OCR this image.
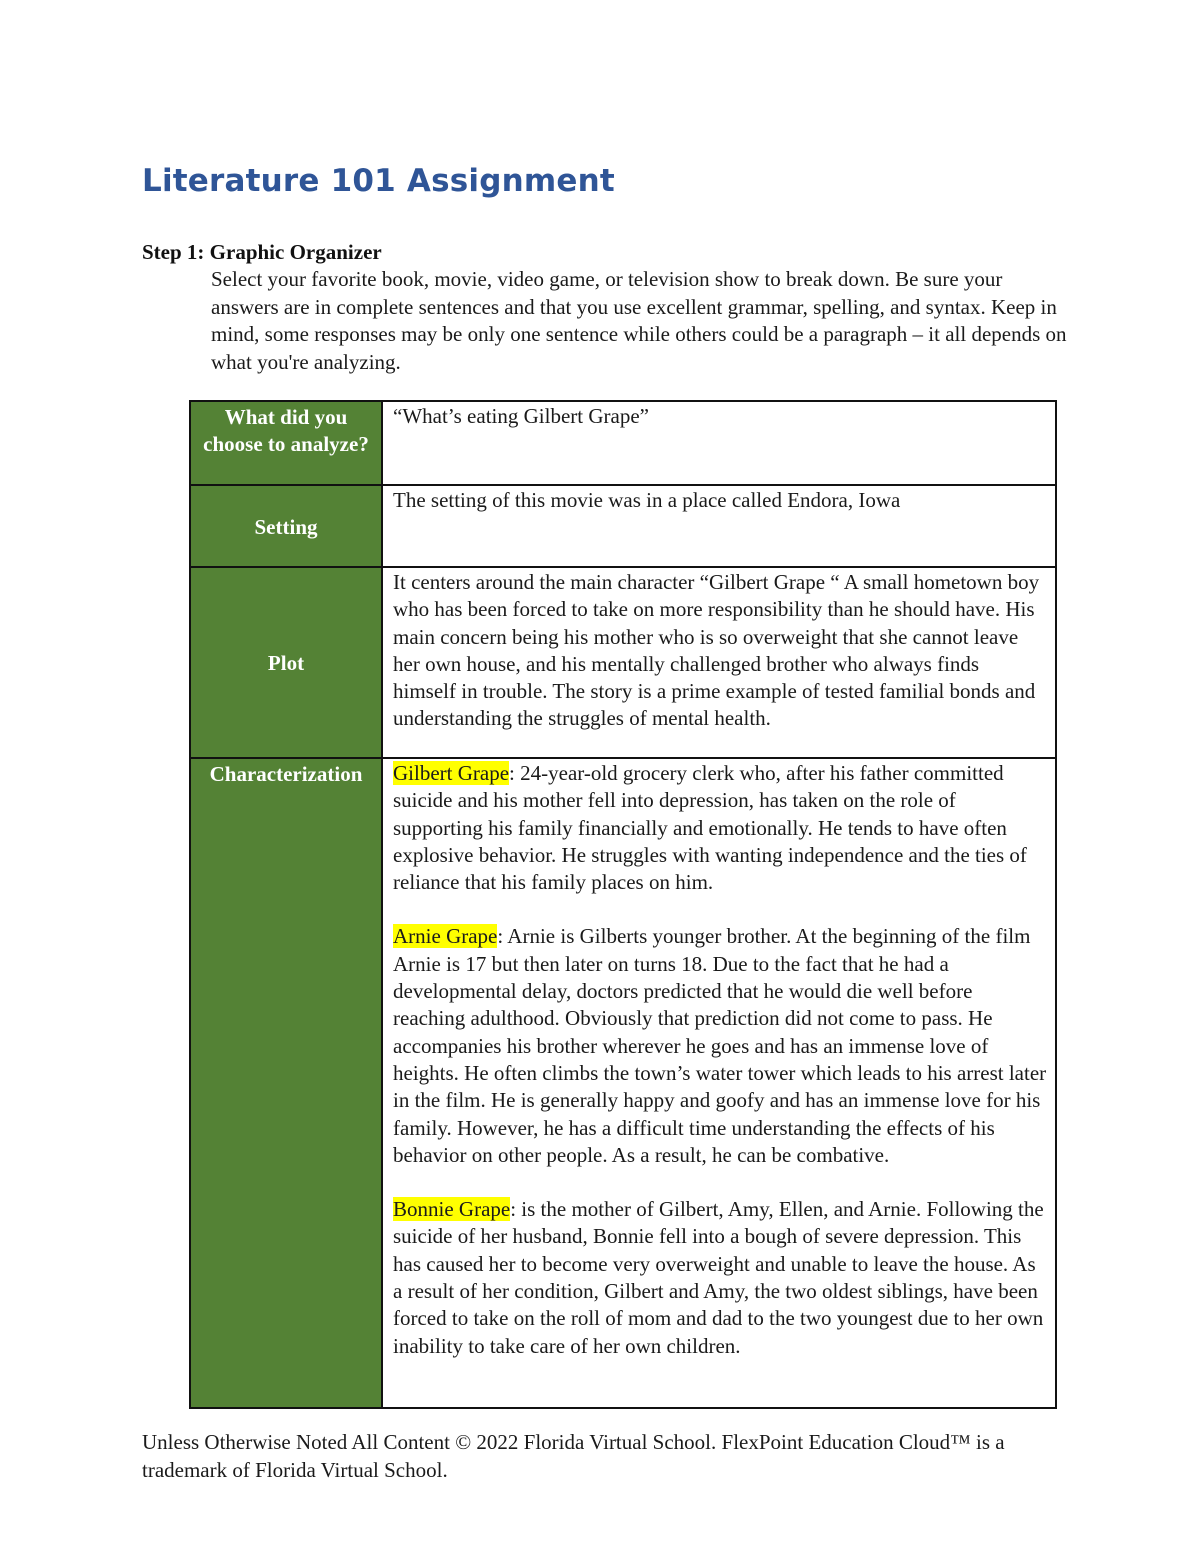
Literature 101 Assignment
Step 1: Graphic Organizer
Select your favorite book, movie, video game, or television show to break down. Be sure your answers are in complete sentences and that you use excellent grammar, spelling, and syntax. Keep in mind, some responses may be only one sentence while others could be a paragraph – it all depends on what you're analyzing.
What did you choose to analyze?	“What’s eating Gilbert Grape”

Setting	The setting of this movie was in a place called Endora, Iowa

Plot	It centers around the main character “Gilbert Grape “ A small hometown boy who has been forced to take on more responsibility than he should have. His main concern being his mother who is so overweight that she cannot leave her own house, and his mentally challenged brother who always finds himself in trouble. The story is a prime example of tested familial bonds and understanding the struggles of mental health.

Characterization	Gilbert Grape: 24-year-old grocery clerk who, after his father committed suicide and his mother fell into depression, has taken on the role of supporting his family financially and emotionally. He tends to have often explosive behavior. He struggles with wanting independence and the ties of reliance that his family places on him.
Arnie Grape: Arnie is Gilberts younger brother. At the beginning of the film Arnie is 17 but then later on turns 18. Due to the fact that he had a developmental delay, doctors predicted that he would die well before reaching adulthood. Obviously that prediction did not come to pass. He accompanies his brother wherever he goes and has an immense love of heights. He often climbs the town’s water tower which leads to his arrest later in the film. He is generally happy and goofy and has an immense love for his family. However, he has a difficult time understanding the effects of his behavior on other people. As a result, he can be combative.
Bonnie Grape: is the mother of Gilbert, Amy, Ellen, and Arnie. Following the suicide of her husband, Bonnie fell into a bough of severe depression. This has caused her to become very overweight and unable to leave the house. As a result of her condition, Gilbert and Amy, the two oldest siblings, have been forced to take on the roll of mom and dad to the two youngest due to her own inability to take care of her own children.
Unless Otherwise Noted All Content © 2022 Florida Virtual School. FlexPoint Education Cloud™ is a trademark of Florida Virtual School.
